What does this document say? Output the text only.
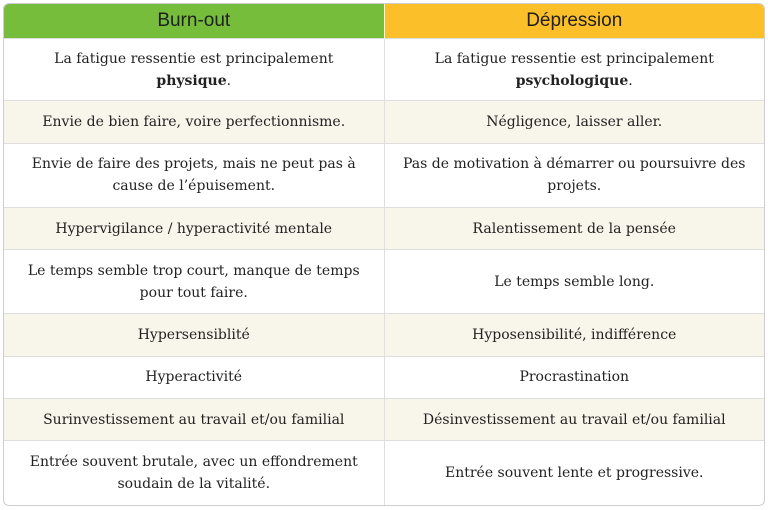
Burn-out	Dépression
La fatigue ressentie est principalement physique.	La fatigue ressentie est principalement psychologique.
Envie de bien faire, voire perfectionnisme.	Négligence, laisser aller.
Envie de faire des projets, mais ne peut pas à cause de l’épuisement.	Pas de motivation à démarrer ou poursuivre des projets.
Hypervigilance / hyperactivité mentale	Ralentissement de la pensée
Le temps semble trop court, manque de temps pour tout faire.	Le temps semble long.
Hypersensiblité	Hyposensibilité, indifférence
Hyperactivité	Procrastination
Surinvestissement au travail et/ou familial	Désinvestissement au travail et/ou familial
Entrée souvent brutale, avec un effondrement soudain de la vitalité.	Entrée souvent lente et progressive.
